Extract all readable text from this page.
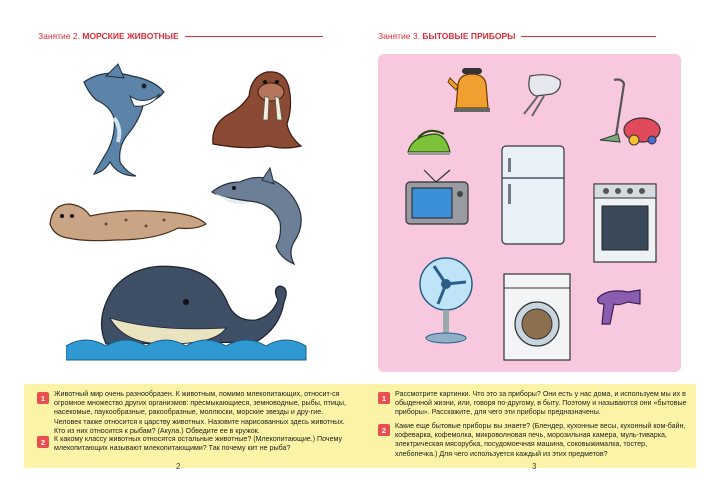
Занятие 2.
МОРСКИЕ ЖИВОТНЫЕ
1	Животный мир очень разнообразен. К животным, помимо млекопитающих, относит-ся огромное множество других организмов: пресмыкающиеся, земноводные, рыбы, птицы, насекомые, паукообразные, ракообразные, моллюски, морские звезды и дру-гие. Человек также относится к царству животных. Назовите нарисованных здесь животных. Кто из них относится к рыбам? (Акула.) Обведите ее в кружок.
2	К какому классу животных относятся остальные животные? (Млекопитающие.) Почему млекопитающих называют млекопитающими? Так почему кит не рыба?
2
Занятие 3.
БЫТОВЫЕ ПРИБОРЫ
1	Рассмотрите картинки. Что это за приборы? Они есть у нас дома, и используем мы их в обыденной жизни, или, говоря по-другому, в быту. Поэтому и называются они «бытовые приборы». Расскажите, для чего эти приборы предназначены.
2	Какие еще бытовые приборы вы знаете? (Блендер, кухонные весы, кухонный ком-байн, кофеварка, кофемолка, микроволновая печь, морозильная камера, муль-тиварка, электрическая мясорубка, посудомоечная машина, соковыжималка, тостер, хлебопечка.) Для чего используется каждый из этих предметов?
3
